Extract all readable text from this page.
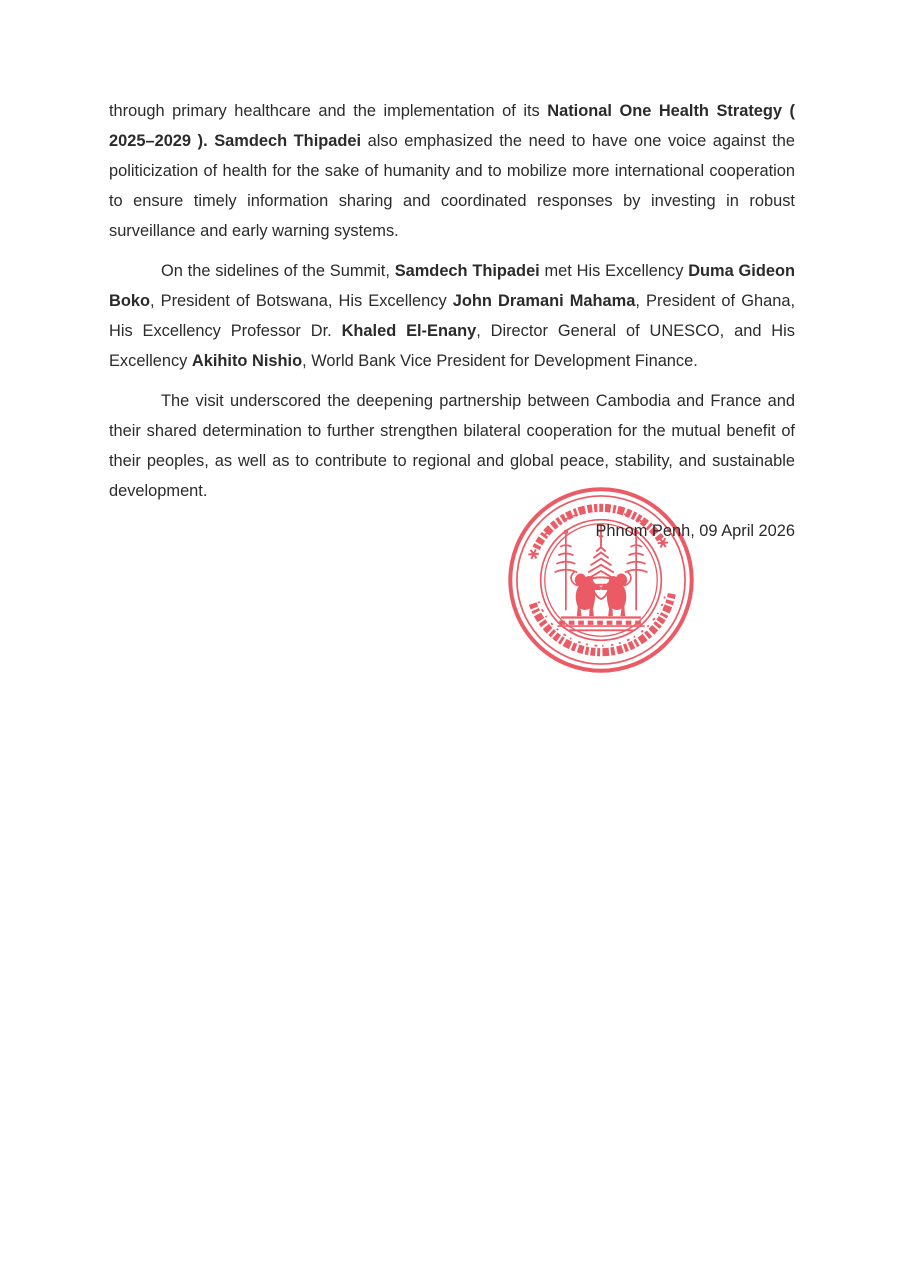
through primary healthcare and the implementation of its National One Health Strategy ( 2025–2029 ). Samdech Thipadei also emphasized the need to have one voice against the politicization of health for the sake of humanity and to mobilize more international cooperation to ensure timely information sharing and coordinated responses by investing in robust surveillance and early warning systems.

On the sidelines of the Summit, Samdech Thipadei met His Excellency Duma Gideon Boko, President of Botswana, His Excellency John Dramani Mahama, President of Ghana, His Excellency Professor Dr. Khaled El-Enany, Director General of UNESCO, and His Excellency Akihito Nishio, World Bank Vice President for Development Finance.

The visit underscored the deepening partnership between Cambodia and France and their shared determination to further strengthen bilateral cooperation for the mutual benefit of their peoples, as well as to contribute to regional and global peace, stability, and sustainable development.

Phnom Penh, 09 April 2026
